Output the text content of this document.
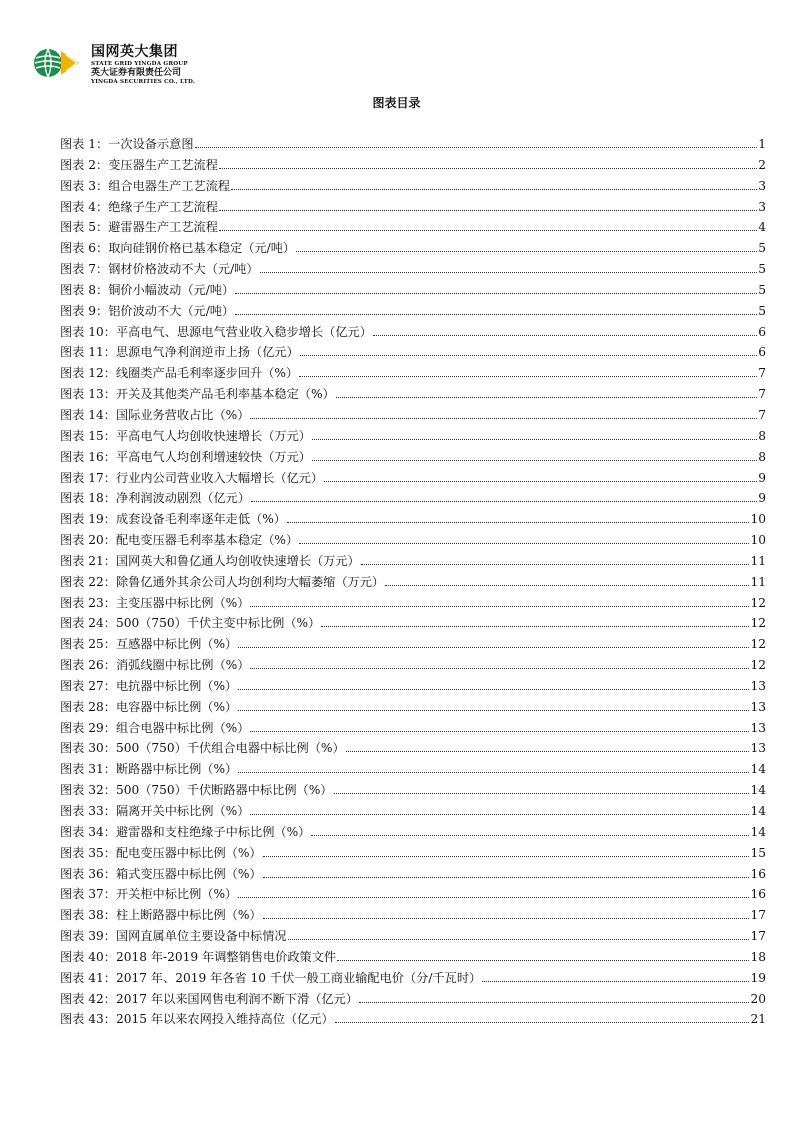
国网英大集团
STATE GRID YINGDA GROUP
英大证券有限责任公司
YINGDA SECURITIES CO., LTD.
图表目录
图表 1： 一次设备示意图	1
图表 2： 变压器生产工艺流程	2
图表 3： 组合电器生产工艺流程	3
图表 4： 绝缘子生产工艺流程	3
图表 5： 避雷器生产工艺流程	4
图表 6： 取向硅钢价格已基本稳定（元/吨）	5
图表 7： 钢材价格波动不大（元/吨）	5
图表 8： 铜价小幅波动（元/吨）	5
图表 9： 铝价波动不大（元/吨）	5
图表 10： 平高电气、思源电气营业收入稳步增长（亿元）	6
图表 11： 思源电气净利润逆市上扬（亿元）	6
图表 12： 线圈类产品毛利率逐步回升（%）	7
图表 13： 开关及其他类产品毛利率基本稳定（%）	7
图表 14： 国际业务营收占比（%）	7
图表 15： 平高电气人均创收快速增长（万元）	8
图表 16： 平高电气人均创利增速较快（万元）	8
图表 17： 行业内公司营业收入大幅增长（亿元）	9
图表 18： 净利润波动剧烈（亿元）	9
图表 19： 成套设备毛利率逐年走低（%）	10
图表 20： 配电变压器毛利率基本稳定（%）	10
图表 21： 国网英大和鲁亿通人均创收快速增长（万元）	11
图表 22： 除鲁亿通外其余公司人均创利均大幅萎缩（万元）	11
图表 23： 主变压器中标比例（%）	12
图表 24： 500（750）千伏主变中标比例（%）	12
图表 25： 互感器中标比例（%）	12
图表 26： 消弧线圈中标比例（%）	12
图表 27： 电抗器中标比例（%）	13
图表 28： 电容器中标比例（%）	13
图表 29： 组合电器中标比例（%）	13
图表 30： 500（750）千伏组合电器中标比例（%）	13
图表 31： 断路器中标比例（%）	14
图表 32： 500（750）千伏断路器中标比例（%）	14
图表 33： 隔离开关中标比例（%）	14
图表 34： 避雷器和支柱绝缘子中标比例（%）	14
图表 35： 配电变压器中标比例（%）	15
图表 36： 箱式变压器中标比例（%）	16
图表 37： 开关柜中标比例（%）	16
图表 38： 柱上断路器中标比例（%）	17
图表 39： 国网直属单位主要设备中标情况	17
图表 40： 2018 年-2019 年调整销售电价政策文件	18
图表 41： 2017 年、2019 年各省 10 千伏一般工商业输配电价（分/千瓦时）	19
图表 42： 2017 年以来国网售电利润不断下滑（亿元）	20
图表 43： 2015 年以来农网投入维持高位（亿元）	21
